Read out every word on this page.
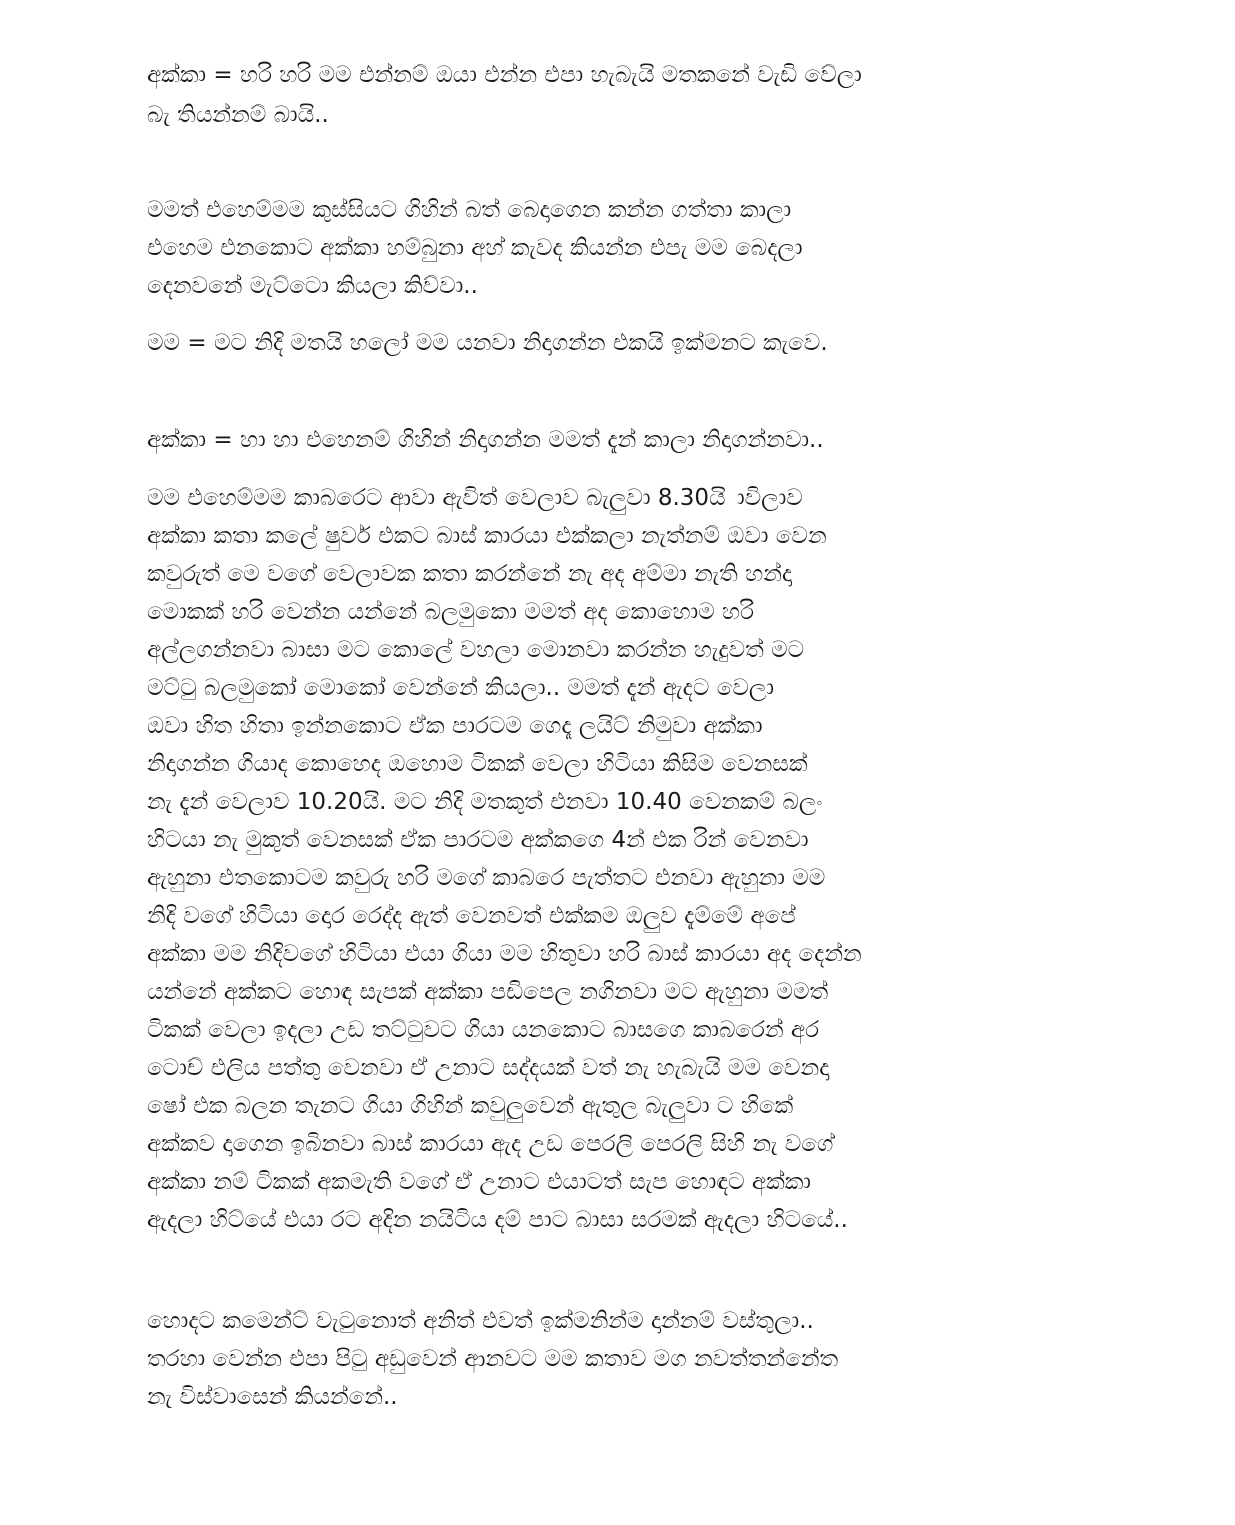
අක්කා = හරි හරි මම එන්නම් ඔයා එන්න එපා හැබැයි මතකනේ වැඩි වේලා
බැ තියන්නම් බායි..
මමත් එහෙම්මම කුස්සියට ගිහින් බත් බෙදාගෙන කන්න ගත්තා කාලා
එහෙම එනකොට අක්කා හම්බුනා අහ් කැවද කියන්න එපැ මම බෙදලා
දෙනවනේ මැට්ටො කියලා කිව්වා..
මම = මට නිදි මතයි හලෝ මම යනවා නිදාගන්න එකයි ඉක්මනට කැවෙ.
අක්කා = හා හා එහෙනම් ගිහින් නිදාගන්න මමත් දැන් කාලා නිදාගන්නවා..
මම එහෙම්මම කාබරෙට ආවා ඇවිත් වෙලාව බැලුවා 8.30යි ාවිලාව
අක්කා කතා කලේ ෂුවර් එකට බාස් කාරයා එක්කලා නැත්නම් ඔවා වෙන
කවුරුත් මෙ වගේ වෙලාවක කතා කරන්නේ නැ අද අම්මා නැති හන්දා
මොකක් හරි වෙන්න යන්නේ බලමුකො මමත් අද කොහොම හරි
අල්ලගන්නවා බාසා මට කොලේ වහලා මොනවා කරන්න හැදුවත් මට
මට්ටු බලමුකෝ මොකෝ වෙන්නේ කියලා.. මමත් දැන් ඇදට වෙලා
ඔවා හිත හිතා ඉන්නකොට ඒක පාරටම ගෙදෑ ලයිට් නිමුවා අක්කා
නිදාගන්න ගියාද කොහෙද ඔහොම ටිකක් වෙලා හිටියා කිසිම වෙනසක්
නැ දැන් වෙලාව 10.20යි. මට නිදි මතකුත් එනවා 10.40 වෙනකම් බලං
හිටයා නැ මුකුත් වෙනසක් ඒක පාරටම අක්කගෙ 4න් එක රින් වෙනවා
ඇහුනා එතකොටම කවුරු හරි මගේ කාබරෙ පැත්තට එනවා ඇහුනා මම
නිදි වගේ හිටියා දොර රෙද්ද ඇත් වෙනවත් එක්කම ඔලුව දැම්මේ අපේ
අක්කා මම නිදිවගේ හිටියා එයා ගියා මම හිතුවා හරි බාස් කාරයා අද දෙන්න
යන්නේ අක්කට හොඳ සැපක් අක්කා පඩිපෙල නගිනවා මට ඇහුනා මමත්
ටිකක් වෙලා ඉදලා උඩ තට්ටුවට ගියා යනකොට බාසගෙ කාබරෙන් අර
ටොච් එලිය පත්තු වෙනවා ඒ උනාට සද්දයක් වත් නැ හැබැයි මම වෙනදා
ෂෝ එක බලන තැනට ගියා ගිහින් කවුලුවෙන් ඇතුල බැලුවා ට හිකේ
අක්කව දාගෙන ඉබිනවා බාස් කාරයා ඇද උඩ පෙරලි පෙරලි සිහි නැ වගේ
අක්කා නම් ටිකක් අකමැති වගේ ඒ උනාට එයාටත් සැප හොඳට අක්කා
ඇදලා හිට්යේ එයා රට අදින නයිටිය දම් පාට බාසා සරමක් ඇදලා හිටයේ..
හොදට කමෙන්ට් වැටුනොත් අනිත් එවත් ඉක්මනින්ම දාන්නම් වස්තුලා..
තරහා වෙන්න එපා පිටු අඩුවෙන් ආනවට මම කතාව මග නවත්තන්නේත
නැ විස්වාසෙන් කියන්නේ..
